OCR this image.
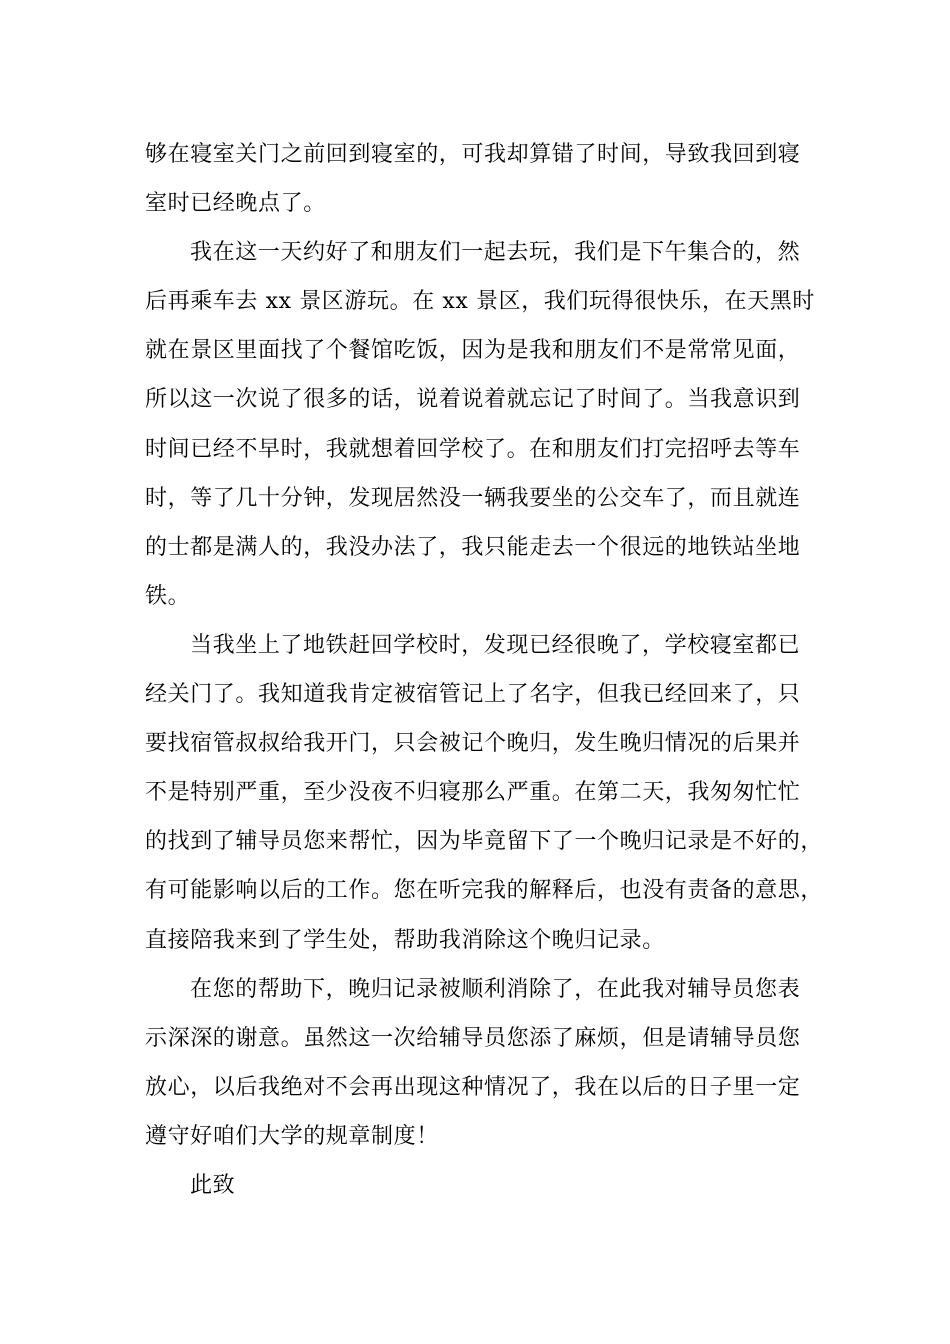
够在寝室关门之前回到寝室的，可我却算错了时间，导致我回到寝
室时已经晚点了。
我在这一天约好了和朋友们一起去玩，我们是下午集合的，然
后再乘车去 xx 景区游玩。在 xx 景区，我们玩得很快乐，在天黑时
就在景区里面找了个餐馆吃饭，因为是我和朋友们不是常常见面，
所以这一次说了很多的话，说着说着就忘记了时间了。当我意识到
时间已经不早时，我就想着回学校了。在和朋友们打完招呼去等车
时，等了几十分钟，发现居然没一辆我要坐的公交车了，而且就连
的士都是满人的，我没办法了，我只能走去一个很远的地铁站坐地
铁。
当我坐上了地铁赶回学校时，发现已经很晚了，学校寝室都已
经关门了。我知道我肯定被宿管记上了名字，但我已经回来了，只
要找宿管叔叔给我开门，只会被记个晚归，发生晚归情况的后果并
不是特别严重，至少没夜不归寝那么严重。在第二天，我匆匆忙忙
的找到了辅导员您来帮忙，因为毕竟留下了一个晚归记录是不好的，
有可能影响以后的工作。您在听完我的解释后，也没有责备的意思，
直接陪我来到了学生处，帮助我消除这个晚归记录。
在您的帮助下，晚归记录被顺利消除了，在此我对辅导员您表
示深深的谢意。虽然这一次给辅导员您添了麻烦，但是请辅导员您
放心，以后我绝对不会再出现这种情况了，我在以后的日子里一定
遵守好咱们大学的规章制度！
此致
